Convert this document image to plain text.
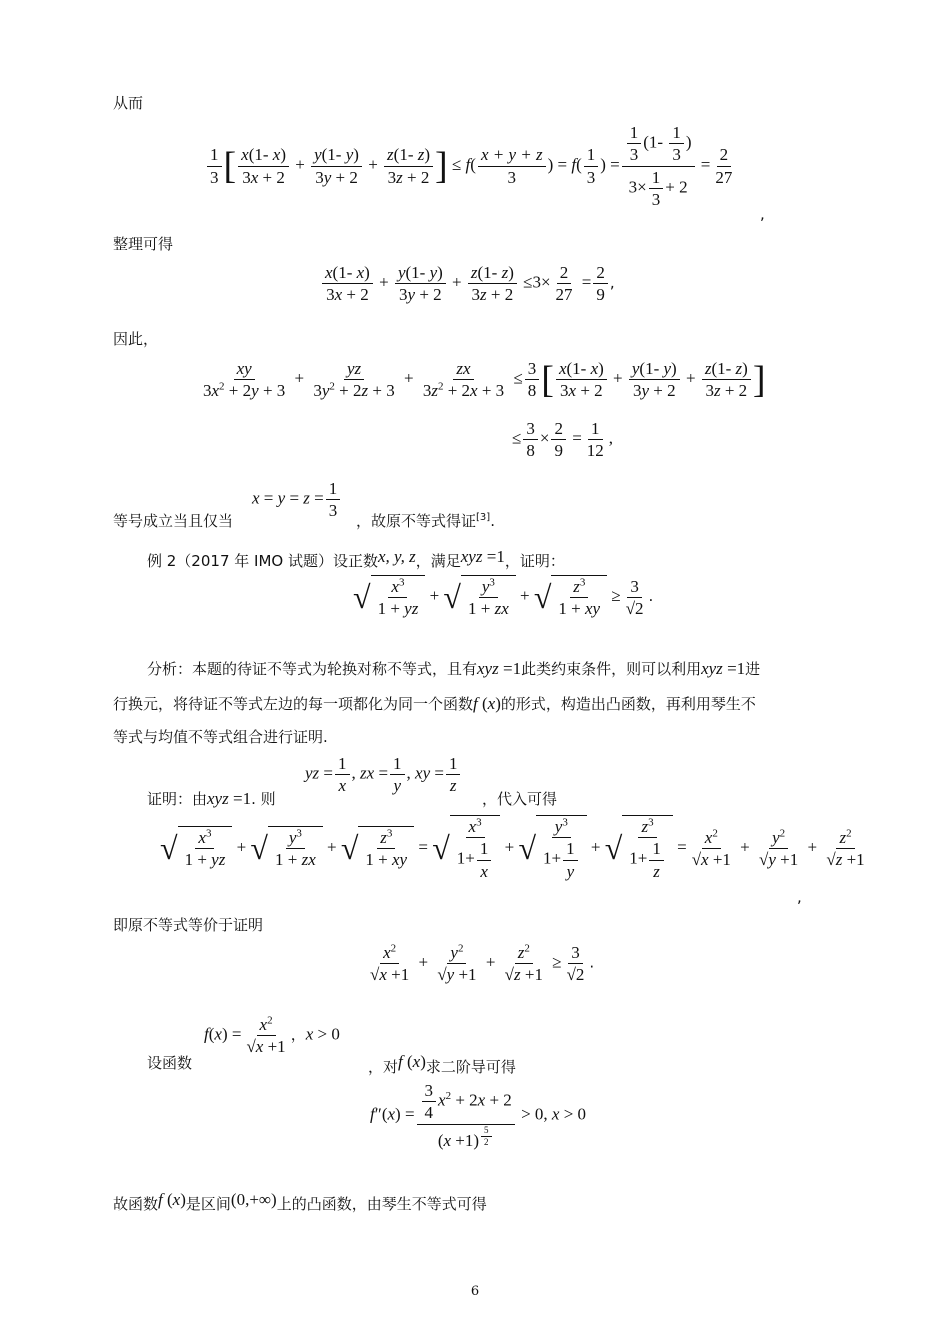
从而
$\frac{1}{3}$ [ $\frac{x(1- x)}{3x + 2} + \frac{y(1- y)}{3y + 2} + \frac{z(1- z)}{3z + 2}$ ] ≤ $f( \frac{x + y + z}{3}$ ) = $f( \frac{1}{3}$ ) = $\frac{\frac{1}{3} (1- \frac{1}{3} )}{3\times \frac{1}{3} + 2} = \frac{2}{27}$
,
整理可得
$\frac{x(1- x)}{3x + 2} + \frac{y(1- y)}{3y + 2} + \frac{z(1- z)}{3z + 2} \le 3\times \frac{2}{27} = \frac{2}{9}$ ,
因此，
$\frac{xy}{3x^2 + 2y + 3} + \frac{yz}{3y^2 + 2z + 3} + \frac{zx}{3z^2 + 2x + 3} \le \frac{3}{8}$ [ $\frac{x(1- x)}{3x + 2} + \frac{y(1- y)}{3y + 2} + \frac{z(1- z)}{3z + 2}$ ]
≤ $\frac{3}{8} \times \frac{2}{9} = \frac{1}{12}$ ,
等号成立当且仅当
$x = y = z = \frac{1}{3}$ ，故原不等式得证[3].
例 2（2017 年 IMO 试题）设正数x, y, z，满足xyz =1，证明：
√ $\frac{x^3}{1 + yz}$ + √ $\frac{y^3}{1 + zx}$ + √ $\frac{z^3}{1 + xy} \ge \frac{3}{√2}$ .
分析：本题的待证不等式为轮换对称不等式，且有xyz =1此类约束条件，则可以利用xyz =1进
行换元，将待证不等式左边的每一项都化为同一个函数f (x)的形式，构造出凸函数，再利用琴生不
等式与均值不等式组合进行证明.
证明：由xyz =1. 则
yz = $\frac{1}{x}$ , zx = $\frac{1}{y}$ , xy = $\frac{1}{z}$
，代入可得
√ $\frac{x^3}{1 + yz}$ + √ $\frac{y^3}{1 + zx}$ + √ $\frac{z^3}{1 + xy}$ = √ $\frac{x^3}{1+ \frac{1}{x}}$ + √ $\frac{y^3}{1+ \frac{1}{y}}$ + √ $\frac{z^3}{1+ \frac{1}{z}} = \frac{x^2}{√x +1} + \frac{y^2}{√y +1} + \frac{z^2}{√z +1}$
,
即原不等式等价于证明
$\frac{x^2}{√x +1} + \frac{y^2}{√y +1} + \frac{z^2}{√z +1} \ge \frac{3}{√2}$ .
设函数
$f(x) = \frac{x^2}{√x +1}$ ，x > 0
，对f (x)求二阶导可得
$f''(x) = \frac{3}{4} x^2 + 2x + 2$
(x +1) $^{\frac{5}{2}}$ > 0, x > 0
故函数f (x)是区间(0,+∞)上的凸函数，由琴生不等式可得
6
